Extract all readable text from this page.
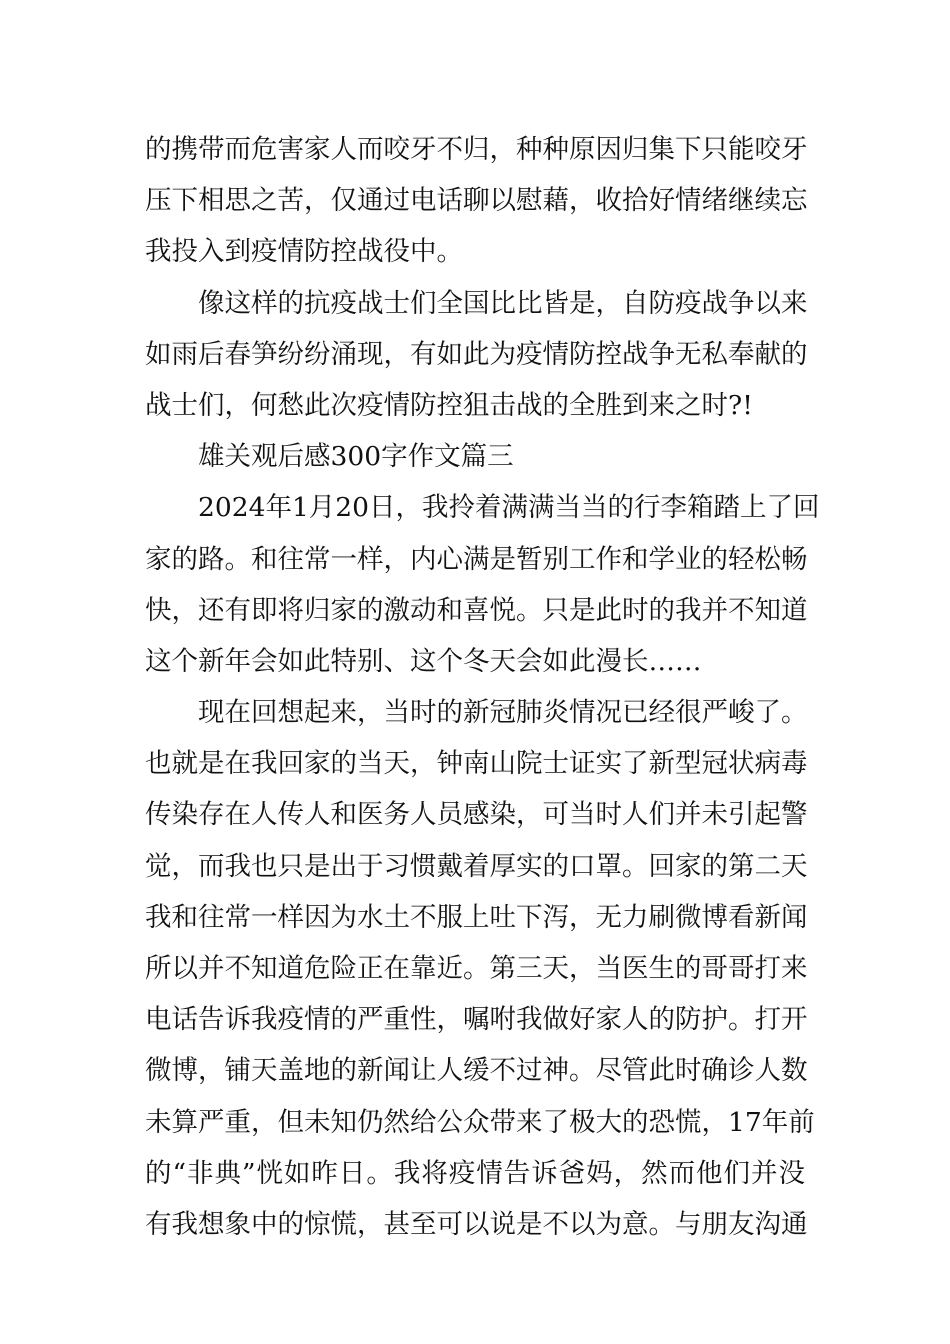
的携带而危害家人而咬牙不归，种种原因归集下只能咬牙
压下相思之苦，仅通过电话聊以慰藉，收拾好情绪继续忘
我投入到疫情防控战役中。
像这样的抗疫战士们全国比比皆是，自防疫战争以来
如雨后春笋纷纷涌现，有如此为疫情防控战争无私奉献的
战士们，何愁此次疫情防控狙击战的全胜到来之时?!
雄关观后感300字作文篇三
2024年1月20日，我拎着满满当当的行李箱踏上了回
家的路。和往常一样，内心满是暂别工作和学业的轻松畅
快，还有即将归家的激动和喜悦。只是此时的我并不知道
这个新年会如此特别、这个冬天会如此漫长……
现在回想起来，当时的新冠肺炎情况已经很严峻了。
也就是在我回家的当天，钟南山院士证实了新型冠状病毒
传染存在人传人和医务人员感染，可当时人们并未引起警
觉，而我也只是出于习惯戴着厚实的口罩。回家的第二天
我和往常一样因为水土不服上吐下泻，无力刷微博看新闻
所以并不知道危险正在靠近。第三天，当医生的哥哥打来
电话告诉我疫情的严重性，嘱咐我做好家人的防护。打开
微博，铺天盖地的新闻让人缓不过神。尽管此时确诊人数
未算严重，但未知仍然给公众带来了极大的恐慌，17年前
的“非典”恍如昨日。我将疫情告诉爸妈，然而他们并没
有我想象中的惊慌，甚至可以说是不以为意。与朋友沟通
